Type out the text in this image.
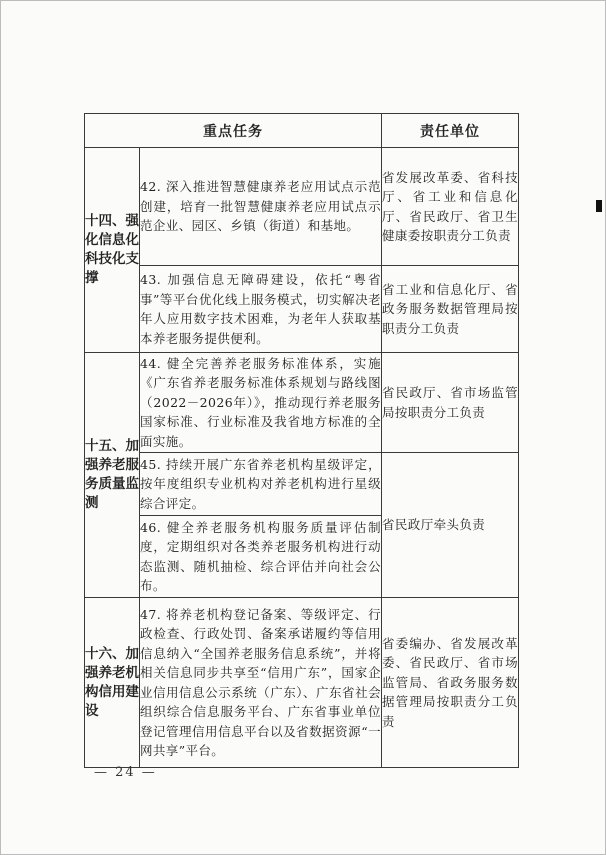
重点任务		责任单位
十四、强化信息化科技化支撑	42. 深入推进智慧健康养老应用试点示范创建，培育一批智慧健康养老应用试点示范企业、园区、乡镇（街道）和基地。	省发展改革委、省科技厅、省工业和信息化厅、省民政厅、省卫生健康委按职责分工负责
	43. 加强信息无障碍建设，依托“粤省事”等平台优化线上服务模式，切实解决老年人应用数字技术困难，为老年人获取基本养老服务提供便利。	省工业和信息化厅、省政务服务数据管理局按职责分工负责
十五、加强养老服务质量监测	44. 健全完善养老服务标准体系，实施《广东省养老服务标准体系规划与路线图（2022－2026年）》，推动现行养老服务国家标准、行业标准及我省地方标准的全面实施。	省民政厅、省市场监管局按职责分工负责
	45. 持续开展广东省养老机构星级评定，按年度组织专业机构对养老机构进行星级综合评定。	省民政厅牵头负责
	46. 健全养老服务机构服务质量评估制度，定期组织对各类养老服务机构进行动态监测、随机抽检、综合评估并向社会公布。	
十六、加强养老机构信用建设	47. 将养老机构登记备案、等级评定、行政检查、行政处罚、备案承诺履约等信用信息纳入“全国养老服务信息系统”，并将相关信息同步共享至“信用广东”，国家企业信用信息公示系统（广东）、广东省社会组织综合信息服务平台、广东省事业单位登记管理信用信息平台以及省数据资源“一网共享”平台。	省委编办、省发展改革委、省民政厅、省市场监管局、省政务服务数据管理局按职责分工负责
— 24 —
